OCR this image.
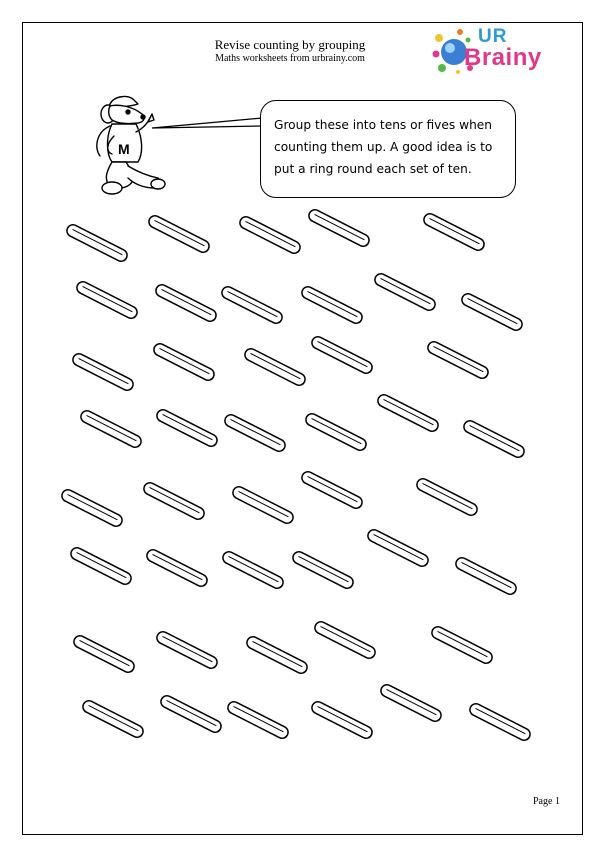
Revise counting by grouping
Maths worksheets from urbrainy.com
UR
Brainy
M
Group these into tens or fives when
counting them up. A good idea is to
put a ring round each set of ten.
Page 1
